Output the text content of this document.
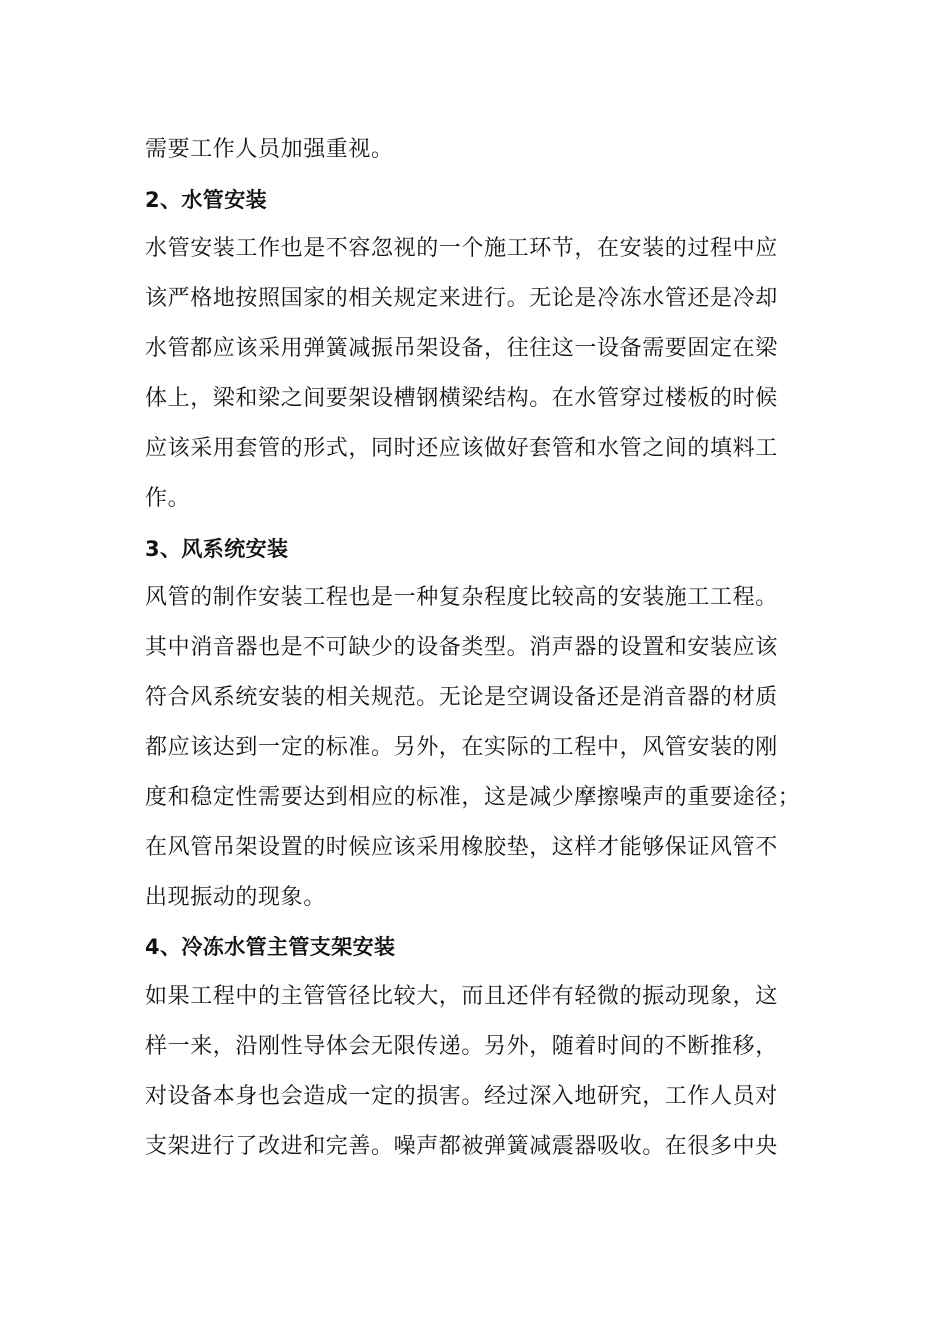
需要工作人员加强重视。
2、水管安装
水管安装工作也是不容忽视的一个施工环节，在安装的过程中应
该严格地按照国家的相关规定来进行。无论是冷冻水管还是冷却
水管都应该采用弹簧减振吊架设备，往往这一设备需要固定在梁
体上，梁和梁之间要架设槽钢横梁结构。在水管穿过楼板的时候
应该采用套管的形式，同时还应该做好套管和水管之间的填料工
作。
3、风系统安装
风管的制作安装工程也是一种复杂程度比较高的安装施工工程。
其中消音器也是不可缺少的设备类型。消声器的设置和安装应该
符合风系统安装的相关规范。无论是空调设备还是消音器的材质
都应该达到一定的标准。另外，在实际的工程中，风管安装的刚
度和稳定性需要达到相应的标准，这是减少摩擦噪声的重要途径；
在风管吊架设置的时候应该采用橡胶垫，这样才能够保证风管不
出现振动的现象。
4、冷冻水管主管支架安装
如果工程中的主管管径比较大，而且还伴有轻微的振动现象，这
样一来，沿刚性导体会无限传递。另外，随着时间的不断推移，
对设备本身也会造成一定的损害。经过深入地研究，工作人员对
支架进行了改进和完善。噪声都被弹簧减震器吸收。在很多中央
